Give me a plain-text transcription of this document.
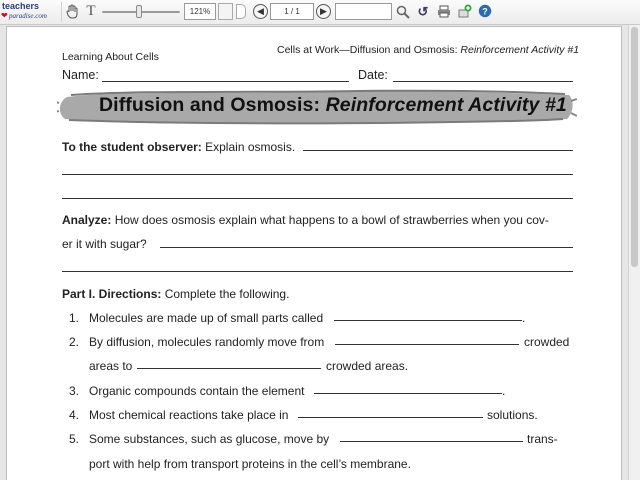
teachers
❤ paradise.com	T	121%	◀	1 / 1	▶	↺	?
Learning About Cells
Cells at Work—Diffusion and Osmosis: Reinforcement Activity #1
Name:	Date:
Diffusion and Osmosis: Reinforcement Activity #1
To the student observer: Explain osmosis.
Analyze: How does osmosis explain what happens to a bowl of strawberries when you cov-
er it with sugar?
Part I. Directions: Complete the following.
1. Molecules are made up of small parts called	.
2. By diffusion, molecules randomly move from	crowded
areas to	crowded areas.
3. Organic compounds contain the element	.
4. Most chemical reactions take place in	solutions.
5. Some substances, such as glucose, move by	trans-
port with help from transport proteins in the cell’s membrane.
